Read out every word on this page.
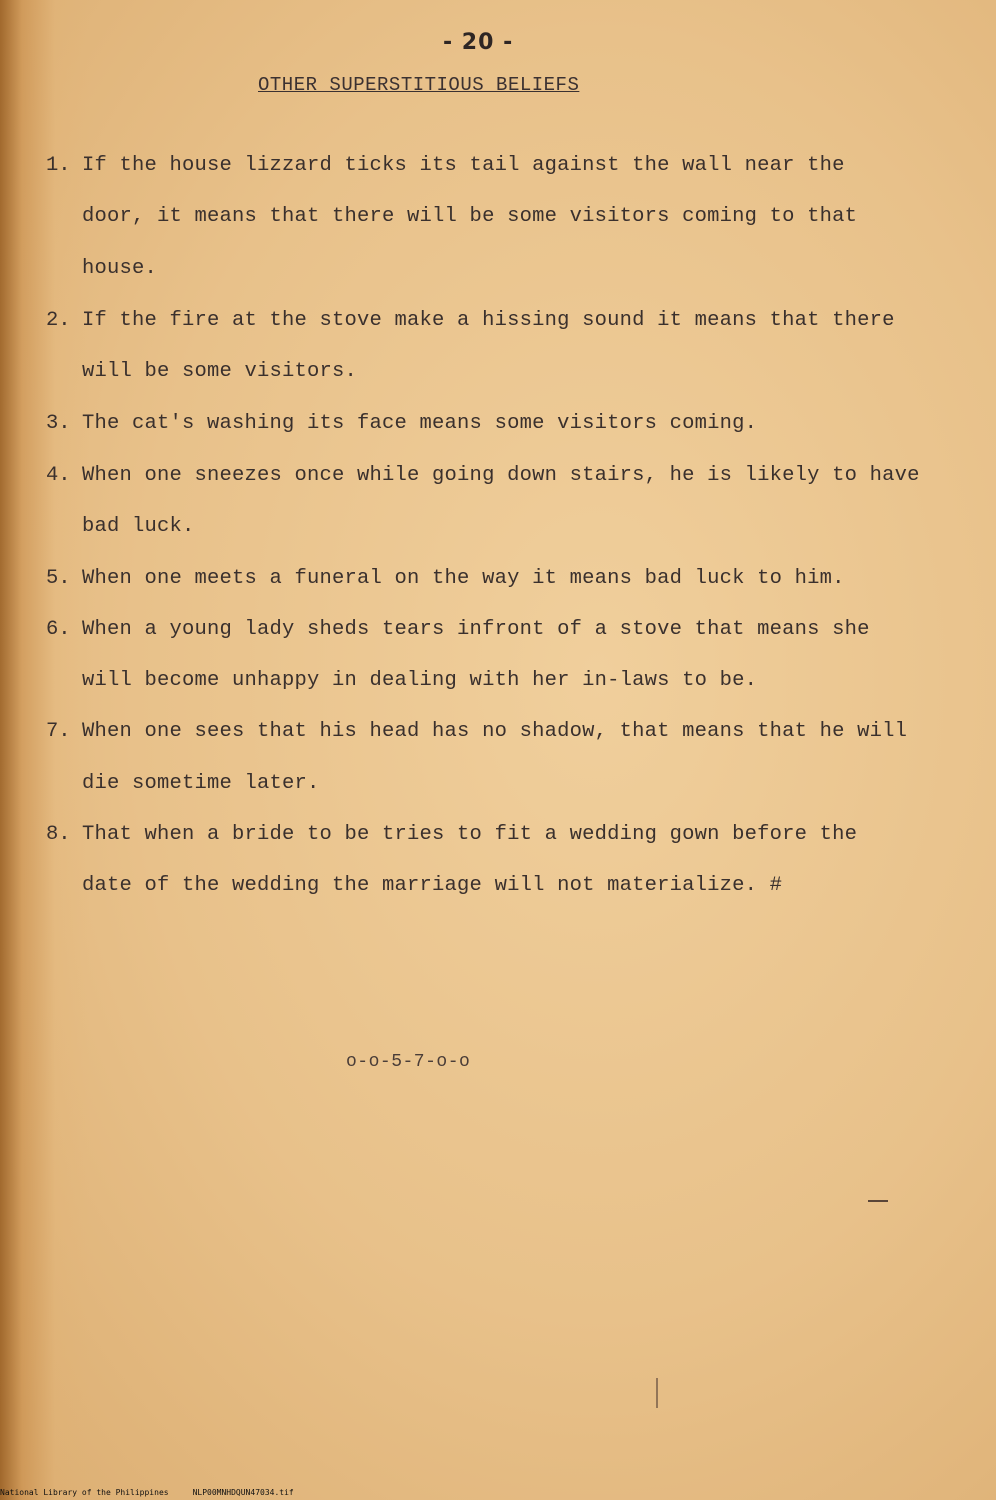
- 20 -
OTHER SUPERSTITIOUS BELIEFS
1. If the house lizzard ticks its tail against the wall near the
door, it means that there will be some visitors coming to that
house.
2. If the fire at the stove make a hissing sound it means that there
will be some visitors.
3. The cat's washing its face means some visitors coming.
4. When one sneezes once while going down stairs, he is likely to have
bad luck.
5. When one meets a funeral on the way it means bad luck to him.
6. When a young lady sheds tears infront of a stove that means she
will become unhappy in dealing with her in-laws to be.
7. When one sees that his head has no shadow, that means that he will
die sometime later.
8. That when a bride to be tries to fit a wedding gown before the
date of the wedding the marriage will not materialize. #
o-o-5-7-o-o
National Library of the Philippines	NLP00MNHDQUN47034.tif
